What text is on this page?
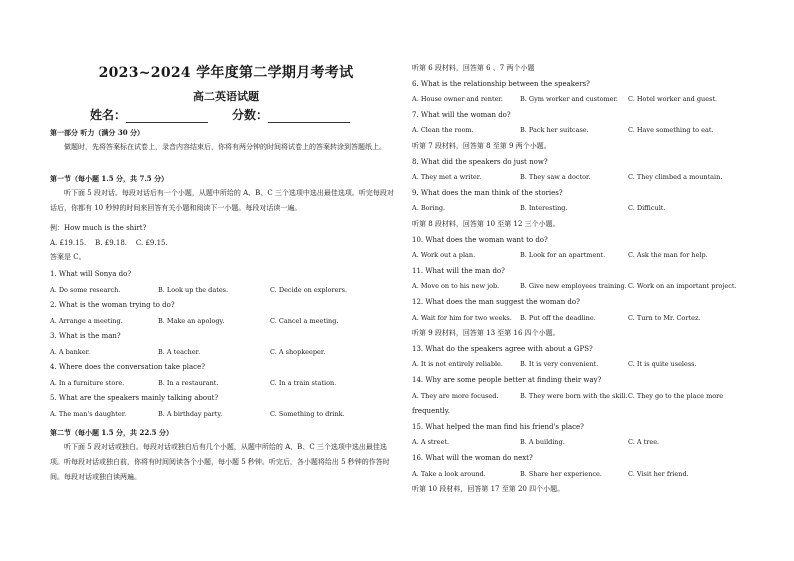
2023~2024 学年度第二学期月考考试
高二英语试题
姓名：	分数：
第一部分 听力（满分 30 分）
做题时，先将答案标在试卷上，录音内容结束后，你将有两分钟的时间将试卷上的答案转涂到答题纸上。
第一节（每小题 1.5 分，共 7.5 分）
听下面 5 段对话。每段对话后有一个小题，从题中所给的 A、B、C 三个选项中选出最佳选项。听完每段对话后，你都有 10 秒钟的时间来回答有关小题和阅读下一小题。每段对话读一遍。
例：How much is the shirt?
A. £19.15. B. £9.18. C. £9.15.
答案是 C。
1. What will Sonya do?
A. Do some research.	B. Look up the dates.	C. Decide on explorers.
2. What is the woman trying to do?
A. Arrange a meeting.	B. Make an apology.	C. Cancel a meeting.
3. What is the man?
A. A banker.	B. A teacher.	C. A shopkeeper.
4. Where does the conversation take place?
A. In a furniture store.	B. In a restaurant.	C. In a train station.
5. What are the speakers mainly talking about?
A. The man's daughter.	B. A birthday party.	C. Something to drink.
第二节（每小题 1.5 分，共 22.5 分）
听下面 5 段对话或独白。每段对话或独白后有几个小题，从题中所给的 A、B、C 三个选项中选出最佳选项。听每段对话或独白前，你将有时间阅读各个小题，每小题 5 秒钟。听完后，各小题将给出 5 秒钟的作答时间。每段对话或独白读两遍。
听第 6 段材料，回答第 6 、7 两个小题
6. What is the relationship between the speakers?
A. House owner and renter.	B. Gym worker and customer. C. Hotel worker and guest.
7. What will the woman do?
A. Clean the room.	B. Pack her suitcase.	C. Have something to eat.
听第 7 段材料，回答第 8 至第 9 两个小题。
8. What did the speakers do just now?
A. They met a writer.	B. They saw a doctor.	C. They climbed a mountain.
9. What does the man think of the stories?
A. Boring.	B. Interesting.	C. Difficult.
听第 8 段材料，回答第 10 至第 12 三个小题。
10. What does the woman want to do?
A. Work out a plan.	B. Look for an apartment.	C. Ask the man for help.
11. What will the man do?
A. Move on to his new job.	B. Give new employees training. C. Work on an important project.
12. What does the man suggest the woman do?
A. Wait for him for two weeks. B. Put off the deadline.	C. Turn to Mr. Cortez.
听第 9 段材料，回答第 13 至第 16 四个小题。
13. What do the speakers agree with about a GPS?
A. It is not entirely reliable.	B. It is very convenient.	C. It is quite useless.
14. Why are some people better at finding their way?
A. They are more focused.	B. They were born with the skill. C. They go to the place more
frequently.
15. What helped the man find his friend's place?
A. A street.	B. A building.	C. A tree.
16. What will the woman do next?
A. Take a look around.	B. Share her experience.	C. Visit her friend.
听第 10 段材料，回答第 17 至第 20 四个小题。
